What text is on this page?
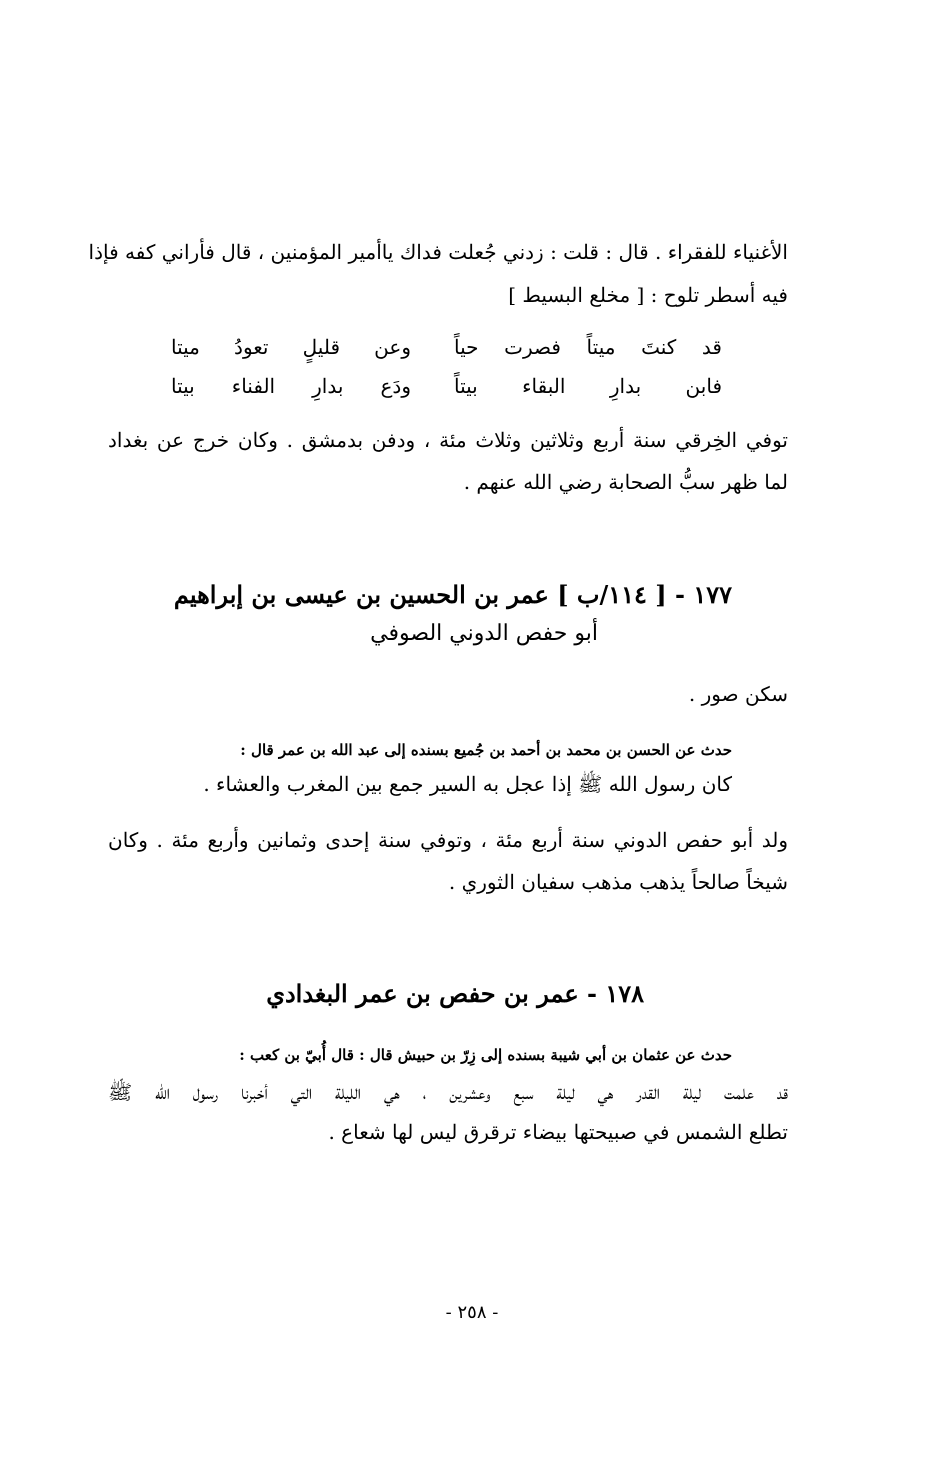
الأغنياء للفقراء . قال : قلت : زدني جُعلت فداك ياأمير المؤمنين ، قال فأراني كفه فإذا
فيه أسطر تلوح : [ مخلع البسيط ]
قد كنتَ ميتاً فصرت حياً
وعن قليلٍ تعودُ ميتا
فابن بدارِ البقاء بيتاً
ودَع بدارِ الفناء بيتا
توفي الخِرقي سنة أربع وثلاثين وثلاث مئة ، ودفن بدمشق . وكان خرج عن بغداد
لما ظهر سبُّ الصحابة رضي الله عنهم .
١٧٧ - [ ١١٤/ب ] عمر بن الحسين بن عيسى بن إبراهيم
أبو حفص الدوني الصوفي
سكن صور .
حدث عن الحسن بن محمد بن أحمد بن جُميع بسنده إلى عبد الله بن عمر قال :
كان رسول الله ﷺ إذا عجل به السير جمع بين المغرب والعشاء .
ولد أبو حفص الدوني سنة أربع مئة ، وتوفي سنة إحدى وثمانين وأربع مئة . وكان
شيخاً صالحاً يذهب مذهب سفيان الثوري .
١٧٨ - عمر بن حفص بن عمر البغدادي
حدث عن عثمان بن أبي شيبة بسنده إلى زِرّ بن حبيش قال : قال أُبيّ بن كعب :
قد علمت ليلة القدر هي ليلة سبع وعشرين ، هي الليلة التي أخبرنا رسول الله ﷺ
تطلع الشمس في صبيحتها بيضاء ترقرق ليس لها شعاع .
- ٢٥٨ -
